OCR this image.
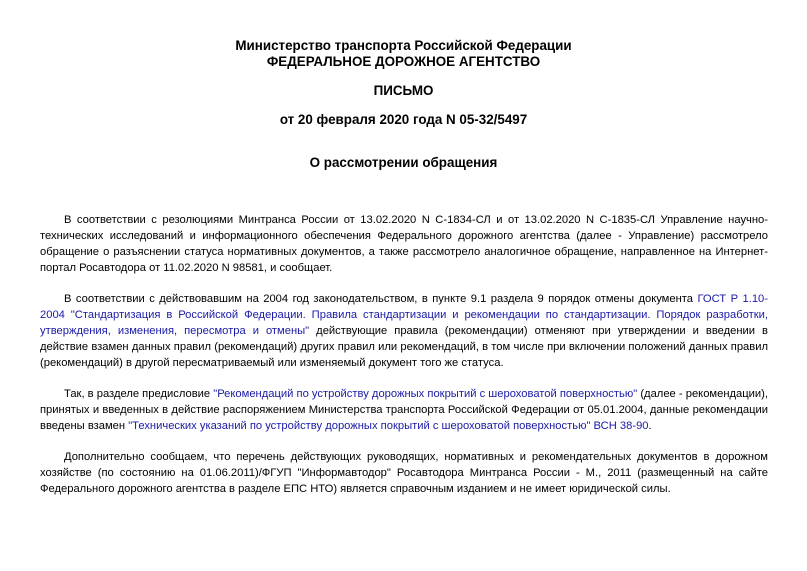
Министерство транспорта Российской Федерации
ФЕДЕРАЛЬНОЕ ДОРОЖНОЕ АГЕНТСТВО
ПИСЬМО
от 20 февраля 2020 года N 05-32/5497
О рассмотрении обращения

В соответствии с резолюциями Минтранса России от 13.02.2020 N С-1834-СЛ и от 13.02.2020 N С-1835-СЛ Управление научно-технических исследований и информационного обеспечения Федерального дорожного агентства (далее - Управление) рассмотрело обращение о разъяснении статуса нормативных документов, а также рассмотрело аналогичное обращение, направленное на Интернет-портал Росавтодора от 11.02.2020 N 98581, и сообщает.

В соответствии с действовавшим на 2004 год законодательством, в пункте 9.1 раздела 9 порядок отмены документа ГОСТ Р 1.10-2004 "Стандартизация в Российской Федерации. Правила стандартизации и рекомендации по стандартизации. Порядок разработки, утверждения, изменения, пересмотра и отмены" действующие правила (рекомендации) отменяют при утверждении и введении в действие взамен данных правил (рекомендаций) других правил или рекомендаций, в том числе при включении положений данных правил (рекомендаций) в другой пересматриваемый или изменяемый документ того же статуса.

Так, в разделе предисловие "Рекомендаций по устройству дорожных покрытий с шероховатой поверхностью" (далее - рекомендации), принятых и введенных в действие распоряжением Министерства транспорта Российской Федерации от 05.01.2004, данные рекомендации введены взамен "Технических указаний по устройству дорожных покрытий с шероховатой поверхностью" ВСН 38-90.

Дополнительно сообщаем, что перечень действующих руководящих, нормативных и рекомендательных документов в дорожном хозяйстве (по состоянию на 01.06.2011)/ФГУП "Информавтодор" Росавтодора Минтранса России - М., 2011 (размещенный на сайте Федерального дорожного агентства в разделе ЕПС НТО) является справочным изданием и не имеет юридической силы.
